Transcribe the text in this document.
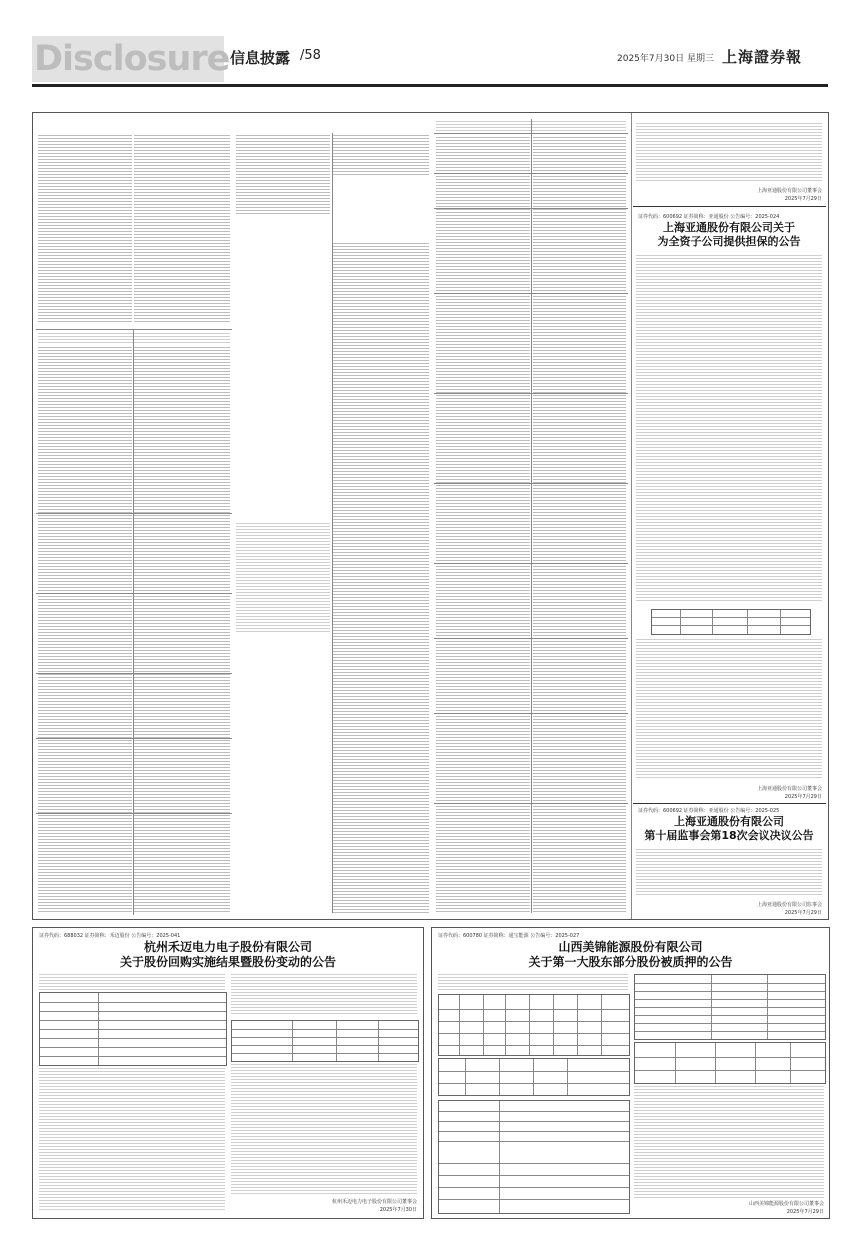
Disclosure 信息披露 /58	2025年7月30日 星期三 上海證券報
上海亚通股份有限公司董事会
2025年7月29日
证券代码：600692 证券简称：亚通股份 公告编号：2025-024
上海亚通股份有限公司关于
为全资子公司提供担保的公告
上海亚通股份有限公司董事会
2025年7月29日
证券代码：600692 证券简称：亚通股份 公告编号：2025-025
上海亚通股份有限公司
第十届监事会第18次会议决议公告
上海亚通股份有限公司监事会
2025年7月29日
证券代码：688032 证券简称：禾迈股份 公告编号：2025-041
杭州禾迈电力电子股份有限公司
关于股份回购实施结果暨股份变动的公告
杭州禾迈电力电子股份有限公司董事会
2025年7月30日
证券代码：600780 证券简称：通宝能源 公告编号：2025-027
山西美锦能源股份有限公司
关于第一大股东部分股份被质押的公告
山西美锦能源股份有限公司董事会
2025年7月29日
